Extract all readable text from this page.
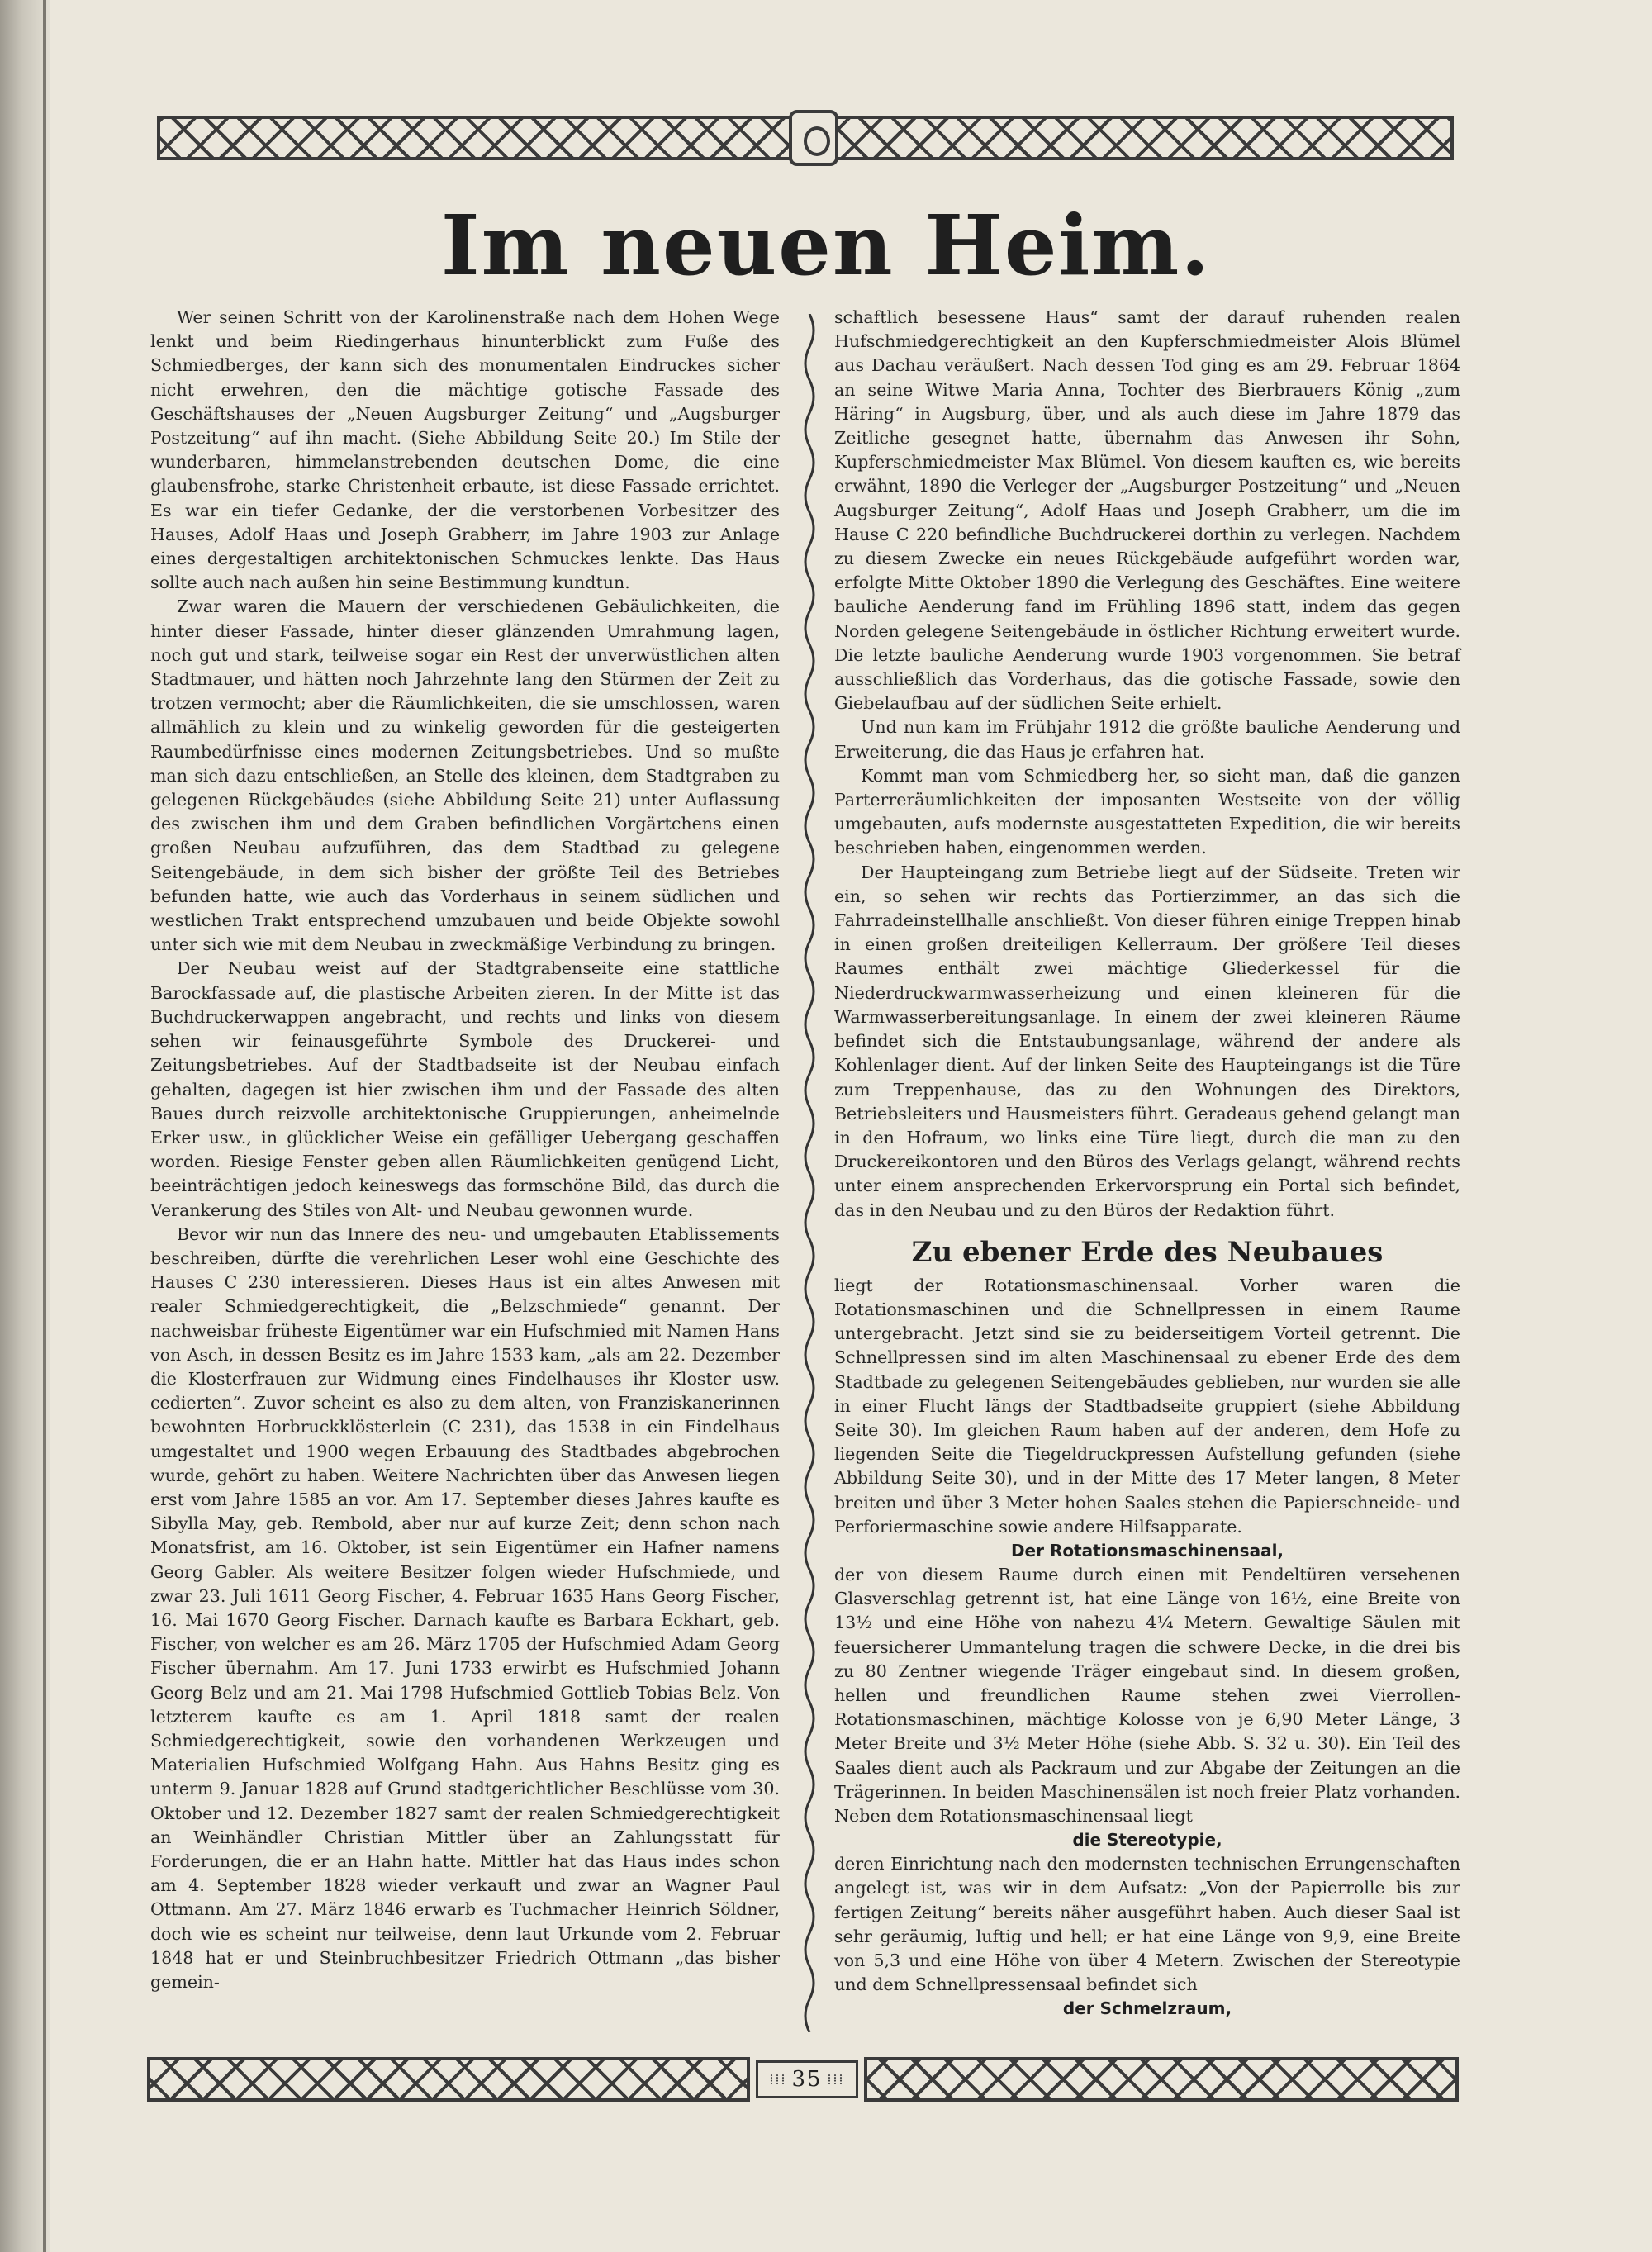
Im neuen Heim.

Wer seinen Schritt von der Karolinenstraße nach dem Hohen Wege lenkt und beim Riedingerhaus hinunterblickt zum Fuße des Schmiedberges, der kann sich des monumentalen Eindruckes sicher nicht erwehren, den die mächtige gotische Fassade des Geschäftshauses der „Neuen Augsburger Zeitung“ und „Augsburger Postzeitung“ auf ihn macht. (Siehe Abbildung Seite 20.) Im Stile der wunderbaren, himmelanstrebenden deutschen Dome, die eine glaubensfrohe, starke Christenheit erbaute, ist diese Fassade errichtet. Es war ein tiefer Gedanke, der die verstorbenen Vorbesitzer des Hauses, Adolf Haas und Joseph Grabherr, im Jahre 1903 zur Anlage eines dergestaltigen architektonischen Schmuckes lenkte. Das Haus sollte auch nach außen hin seine Bestimmung kundtun.

Zwar waren die Mauern der verschiedenen Gebäulichkeiten, die hinter dieser Fassade, hinter dieser glänzenden Umrahmung lagen, noch gut und stark, teilweise sogar ein Rest der unverwüstlichen alten Stadtmauer, und hätten noch Jahrzehnte lang den Stürmen der Zeit zu trotzen vermocht; aber die Räumlichkeiten, die sie umschlossen, waren allmählich zu klein und zu winkelig geworden für die gesteigerten Raumbedürfnisse eines modernen Zeitungsbetriebes. Und so mußte man sich dazu entschließen, an Stelle des kleinen, dem Stadtgraben zu gelegenen Rückgebäudes (siehe Abbildung Seite 21) unter Auflassung des zwischen ihm und dem Graben befindlichen Vorgärtchens einen großen Neubau aufzuführen, das dem Stadtbad zu gelegene Seitengebäude, in dem sich bisher der größte Teil des Betriebes befunden hatte, wie auch das Vorderhaus in seinem südlichen und westlichen Trakt entsprechend umzubauen und beide Objekte sowohl unter sich wie mit dem Neubau in zweckmäßige Verbindung zu bringen.

Der Neubau weist auf der Stadtgrabenseite eine stattliche Barockfassade auf, die plastische Arbeiten zieren. In der Mitte ist das Buchdruckerwappen angebracht, und rechts und links von diesem sehen wir feinausgeführte Symbole des Druckerei- und Zeitungsbetriebes. Auf der Stadtbadseite ist der Neubau einfach gehalten, dagegen ist hier zwischen ihm und der Fassade des alten Baues durch reizvolle architektonische Gruppierungen, anheimelnde Erker usw., in glücklicher Weise ein gefälliger Uebergang geschaffen worden. Riesige Fenster geben allen Räumlichkeiten genügend Licht, beeinträchtigen jedoch keineswegs das formschöne Bild, das durch die Verankerung des Stiles von Alt- und Neubau gewonnen wurde.

Bevor wir nun das Innere des neu- und umgebauten Etablissements beschreiben, dürfte die verehrlichen Leser wohl eine Geschichte des Hauses C 230 interessieren. Dieses Haus ist ein altes Anwesen mit realer Schmiedgerechtigkeit, die „Belzschmiede“ genannt. Der nachweisbar früheste Eigentümer war ein Hufschmied mit Namen Hans von Asch, in dessen Besitz es im Jahre 1533 kam, „als am 22. Dezember die Klosterfrauen zur Widmung eines Findelhauses ihr Kloster usw. cedierten“. Zuvor scheint es also zu dem alten, von Franziskanerinnen bewohnten Horbruckklösterlein (C 231), das 1538 in ein Findelhaus umgestaltet und 1900 wegen Erbauung des Stadtbades abgebrochen wurde, gehört zu haben. Weitere Nachrichten über das Anwesen liegen erst vom Jahre 1585 an vor. Am 17. September dieses Jahres kaufte es Sibylla May, geb. Rembold, aber nur auf kurze Zeit; denn schon nach Monatsfrist, am 16. Oktober, ist sein Eigentümer ein Hafner namens Georg Gabler. Als weitere Besitzer folgen wieder Hufschmiede, und zwar 23. Juli 1611 Georg Fischer, 4. Februar 1635 Hans Georg Fischer, 16. Mai 1670 Georg Fischer. Darnach kaufte es Barbara Eckhart, geb. Fischer, von welcher es am 26. März 1705 der Hufschmied Adam Georg Fischer übernahm. Am 17. Juni 1733 erwirbt es Hufschmied Johann Georg Belz und am 21. Mai 1798 Hufschmied Gottlieb Tobias Belz. Von letzterem kaufte es am 1. April 1818 samt der realen Schmiedgerechtigkeit, sowie den vorhandenen Werkzeugen und Materialien Hufschmied Wolfgang Hahn. Aus Hahns Besitz ging es unterm 9. Januar 1828 auf Grund stadtgerichtlicher Beschlüsse vom 30. Oktober und 12. Dezember 1827 samt der realen Schmiedgerechtigkeit an Weinhändler Christian Mittler über an Zahlungsstatt für Forderungen, die er an Hahn hatte. Mittler hat das Haus indes schon am 4. September 1828 wieder verkauft und zwar an Wagner Paul Ottmann. Am 27. März 1846 erwarb es Tuchmacher Heinrich Söldner, doch wie es scheint nur teilweise, denn laut Urkunde vom 2. Februar 1848 hat er und Steinbruchbesitzer Friedrich Ottmann „das bisher gemein-

schaftlich besessene Haus“ samt der darauf ruhenden realen Hufschmiedgerechtigkeit an den Kupferschmiedmeister Alois Blümel aus Dachau veräußert. Nach dessen Tod ging es am 29. Februar 1864 an seine Witwe Maria Anna, Tochter des Bierbrauers König „zum Häring“ in Augsburg, über, und als auch diese im Jahre 1879 das Zeitliche gesegnet hatte, übernahm das Anwesen ihr Sohn, Kupferschmiedmeister Max Blümel. Von diesem kauften es, wie bereits erwähnt, 1890 die Verleger der „Augsburger Postzeitung“ und „Neuen Augsburger Zeitung“, Adolf Haas und Joseph Grabherr, um die im Hause C 220 befindliche Buchdruckerei dorthin zu verlegen. Nachdem zu diesem Zwecke ein neues Rückgebäude aufgeführt worden war, erfolgte Mitte Oktober 1890 die Verlegung des Geschäftes. Eine weitere bauliche Aenderung fand im Frühling 1896 statt, indem das gegen Norden gelegene Seitengebäude in östlicher Richtung erweitert wurde. Die letzte bauliche Aenderung wurde 1903 vorgenommen. Sie betraf ausschließlich das Vorderhaus, das die gotische Fassade, sowie den Giebelaufbau auf der südlichen Seite erhielt.

Und nun kam im Frühjahr 1912 die größte bauliche Aenderung und Erweiterung, die das Haus je erfahren hat.

Kommt man vom Schmiedberg her, so sieht man, daß die ganzen Parterreräumlichkeiten der imposanten Westseite von der völlig umgebauten, aufs modernste ausgestatteten Expedition, die wir bereits beschrieben haben, eingenommen werden.

Der Haupteingang zum Betriebe liegt auf der Südseite. Treten wir ein, so sehen wir rechts das Portierzimmer, an das sich die Fahrradeinstellhalle anschließt. Von dieser führen einige Treppen hinab in einen großen dreiteiligen Kellerraum. Der größere Teil dieses Raumes enthält zwei mächtige Gliederkessel für die Niederdruckwarmwasserheizung und einen kleineren für die Warmwasserbereitungsanlage. In einem der zwei kleineren Räume befindet sich die Entstaubungsanlage, während der andere als Kohlenlager dient. Auf der linken Seite des Haupteingangs ist die Türe zum Treppenhause, das zu den Wohnungen des Direktors, Betriebsleiters und Hausmeisters führt. Geradeaus gehend gelangt man in den Hofraum, wo links eine Türe liegt, durch die man zu den Druckereikontoren und den Büros des Verlags gelangt, während rechts unter einem ansprechenden Erkervorsprung ein Portal sich befindet, das in den Neubau und zu den Büros der Redaktion führt.

Zu ebener Erde des Neubaues

liegt der Rotationsmaschinensaal. Vorher waren die Rotationsmaschinen und die Schnellpressen in einem Raume untergebracht. Jetzt sind sie zu beiderseitigem Vorteil getrennt. Die Schnellpressen sind im alten Maschinensaal zu ebener Erde des dem Stadtbade zu gelegenen Seitengebäudes geblieben, nur wurden sie alle in einer Flucht längs der Stadtbadseite gruppiert (siehe Abbildung Seite 30). Im gleichen Raum haben auf der anderen, dem Hofe zu liegenden Seite die Tiegeldruckpressen Aufstellung gefunden (siehe Abbildung Seite 30), und in der Mitte des 17 Meter langen, 8 Meter breiten und über 3 Meter hohen Saales stehen die Papierschneide- und Perforiermaschine sowie andere Hilfsapparate.

Der Rotationsmaschinensaal,

der von diesem Raume durch einen mit Pendeltüren versehenen Glasverschlag getrennt ist, hat eine Länge von 16½, eine Breite von 13½ und eine Höhe von nahezu 4¼ Metern. Gewaltige Säulen mit feuersicherer Ummantelung tragen die schwere Decke, in die drei bis zu 80 Zentner wiegende Träger eingebaut sind. In diesem großen, hellen und freundlichen Raume stehen zwei Vierrollen-Rotationsmaschinen, mächtige Kolosse von je 6,90 Meter Länge, 3 Meter Breite und 3½ Meter Höhe (siehe Abb. S. 32 u. 30). Ein Teil des Saales dient auch als Packraum und zur Abgabe der Zeitungen an die Trägerinnen. In beiden Maschinensälen ist noch freier Platz vorhanden. Neben dem Rotationsmaschinensaal liegt

die Stereotypie,

deren Einrichtung nach den modernsten technischen Errungenschaften angelegt ist, was wir in dem Aufsatz: „Von der Papierrolle bis zur fertigen Zeitung“ bereits näher ausgeführt haben. Auch dieser Saal ist sehr geräumig, luftig und hell; er hat eine Länge von 9,9, eine Breite von 5,3 und eine Höhe von über 4 Metern. Zwischen der Stereotypie und dem Schnellpressensaal befindet sich

der Schmelzraum,
⁞⁞⁞ 35
⁞⁞⁞
